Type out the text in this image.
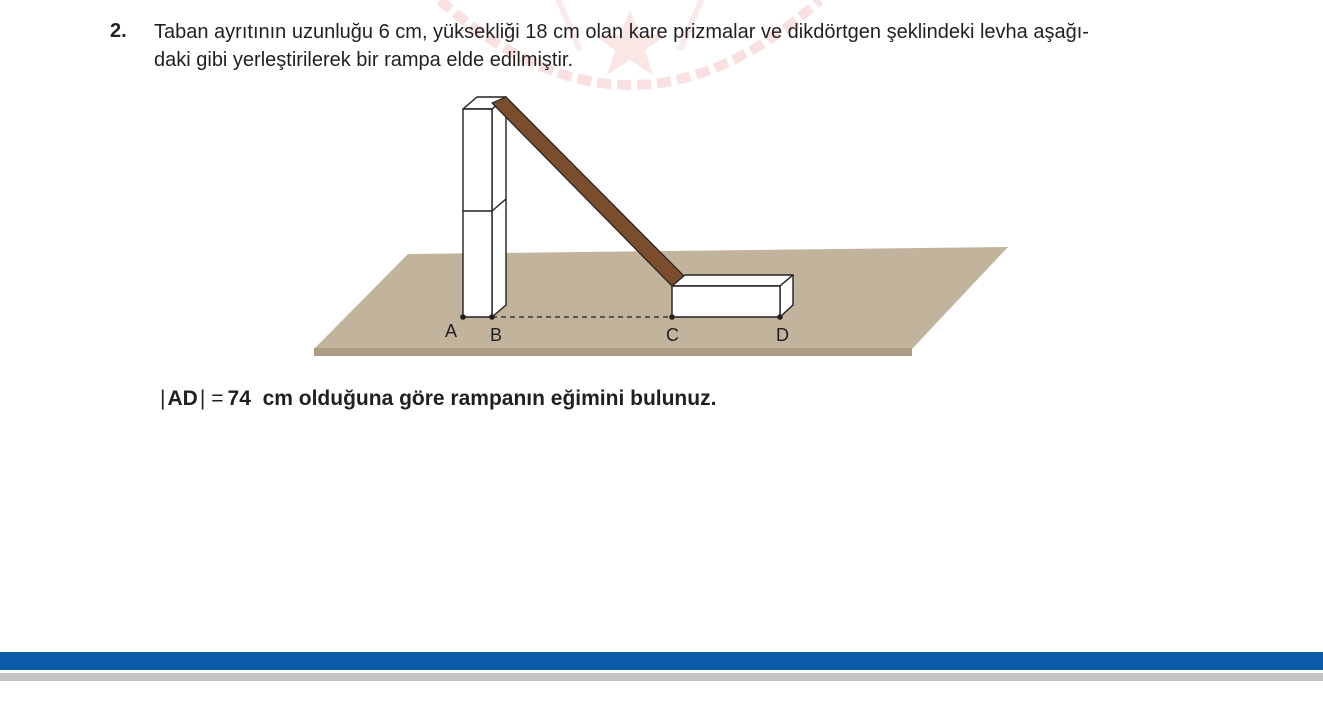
2. Taban ayrıtının uzunluğu 6 cm, yüksekliği 18 cm olan kare prizmalar ve dikdörtgen şeklindeki levha aşağı-
daki gibi yerleştirilerek bir rampa elde edilmiştir.
A B	C	D
|AD| = 74 cm olduğuna göre rampanın eğimini bulunuz.
